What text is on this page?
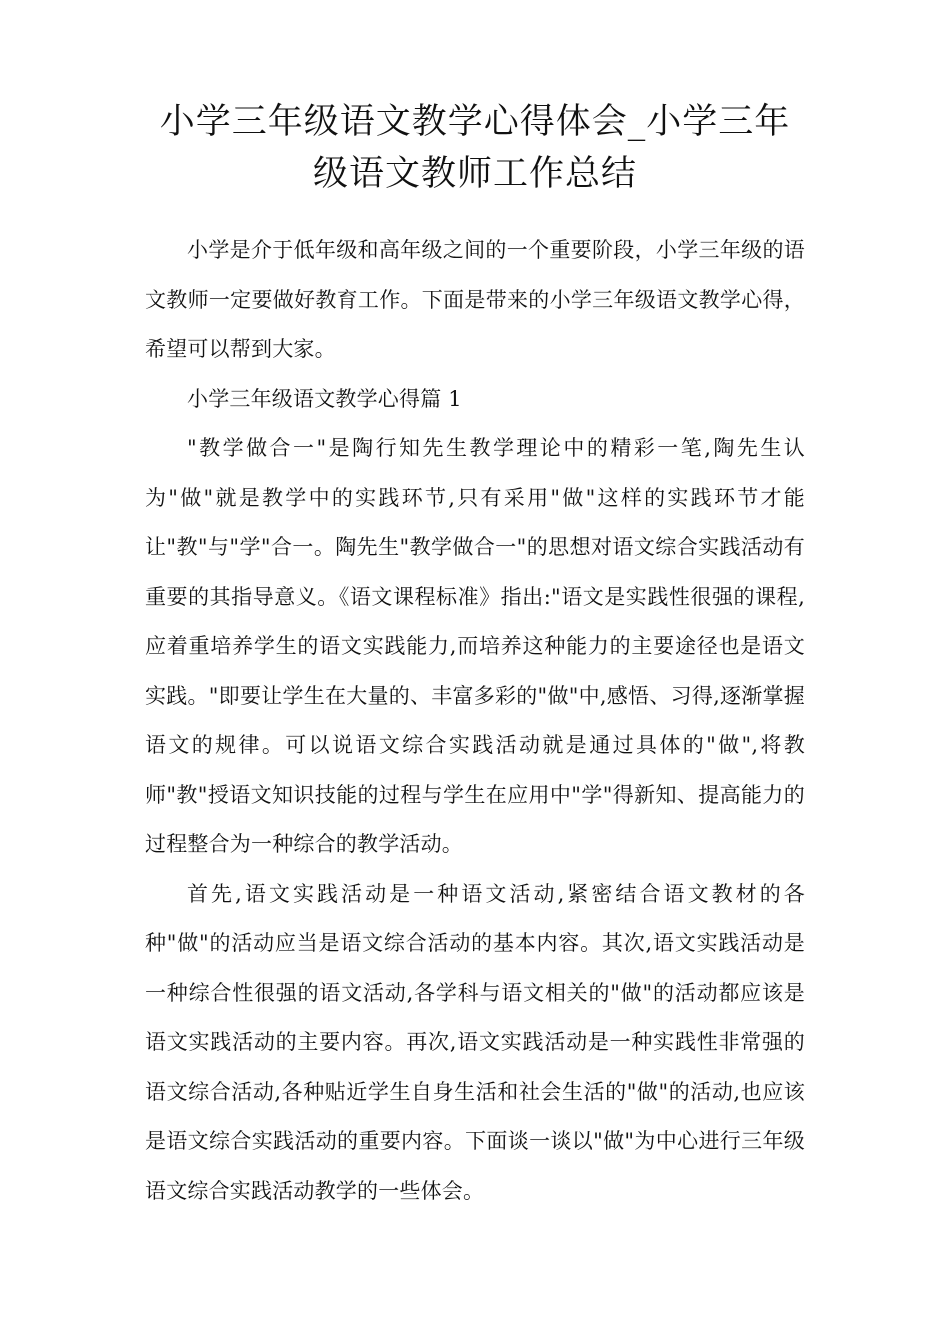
小学三年级语文教学心得体会_小学三年级语文教师工作总结

小学是介于低年级和高年级之间的一个重要阶段，小学三年级的语文教师一定要做好教育工作。下面是带来的小学三年级语文教学心得，希望可以帮到大家。

小学三年级语文教学心得篇 1

"教学做合一"是陶行知先生教学理论中的精彩一笔,陶先生认为"做"就是教学中的实践环节,只有采用"做"这样的实践环节才能让"教"与"学"合一。陶先生"教学做合一"的思想对语文综合实践活动有重要的其指导意义。《语文课程标准》指出:"语文是实践性很强的课程,应着重培养学生的语文实践能力,而培养这种能力的主要途径也是语文实践。"即要让学生在大量的、丰富多彩的"做"中,感悟、习得,逐渐掌握语文的规律。可以说语文综合实践活动就是通过具体的"做",将教师"教"授语文知识技能的过程与学生在应用中"学"得新知、提高能力的过程整合为一种综合的教学活动。

首先,语文实践活动是一种语文活动,紧密结合语文教材的各种"做"的活动应当是语文综合活动的基本内容。其次,语文实践活动是一种综合性很强的语文活动,各学科与语文相关的"做"的活动都应该是语文实践活动的主要内容。再次,语文实践活动是一种实践性非常强的语文综合活动,各种贴近学生自身生活和社会生活的"做"的活动,也应该是语文综合实践活动的重要内容。下面谈一谈以"做"为中心进行三年级语文综合实践活动教学的一些体会。
